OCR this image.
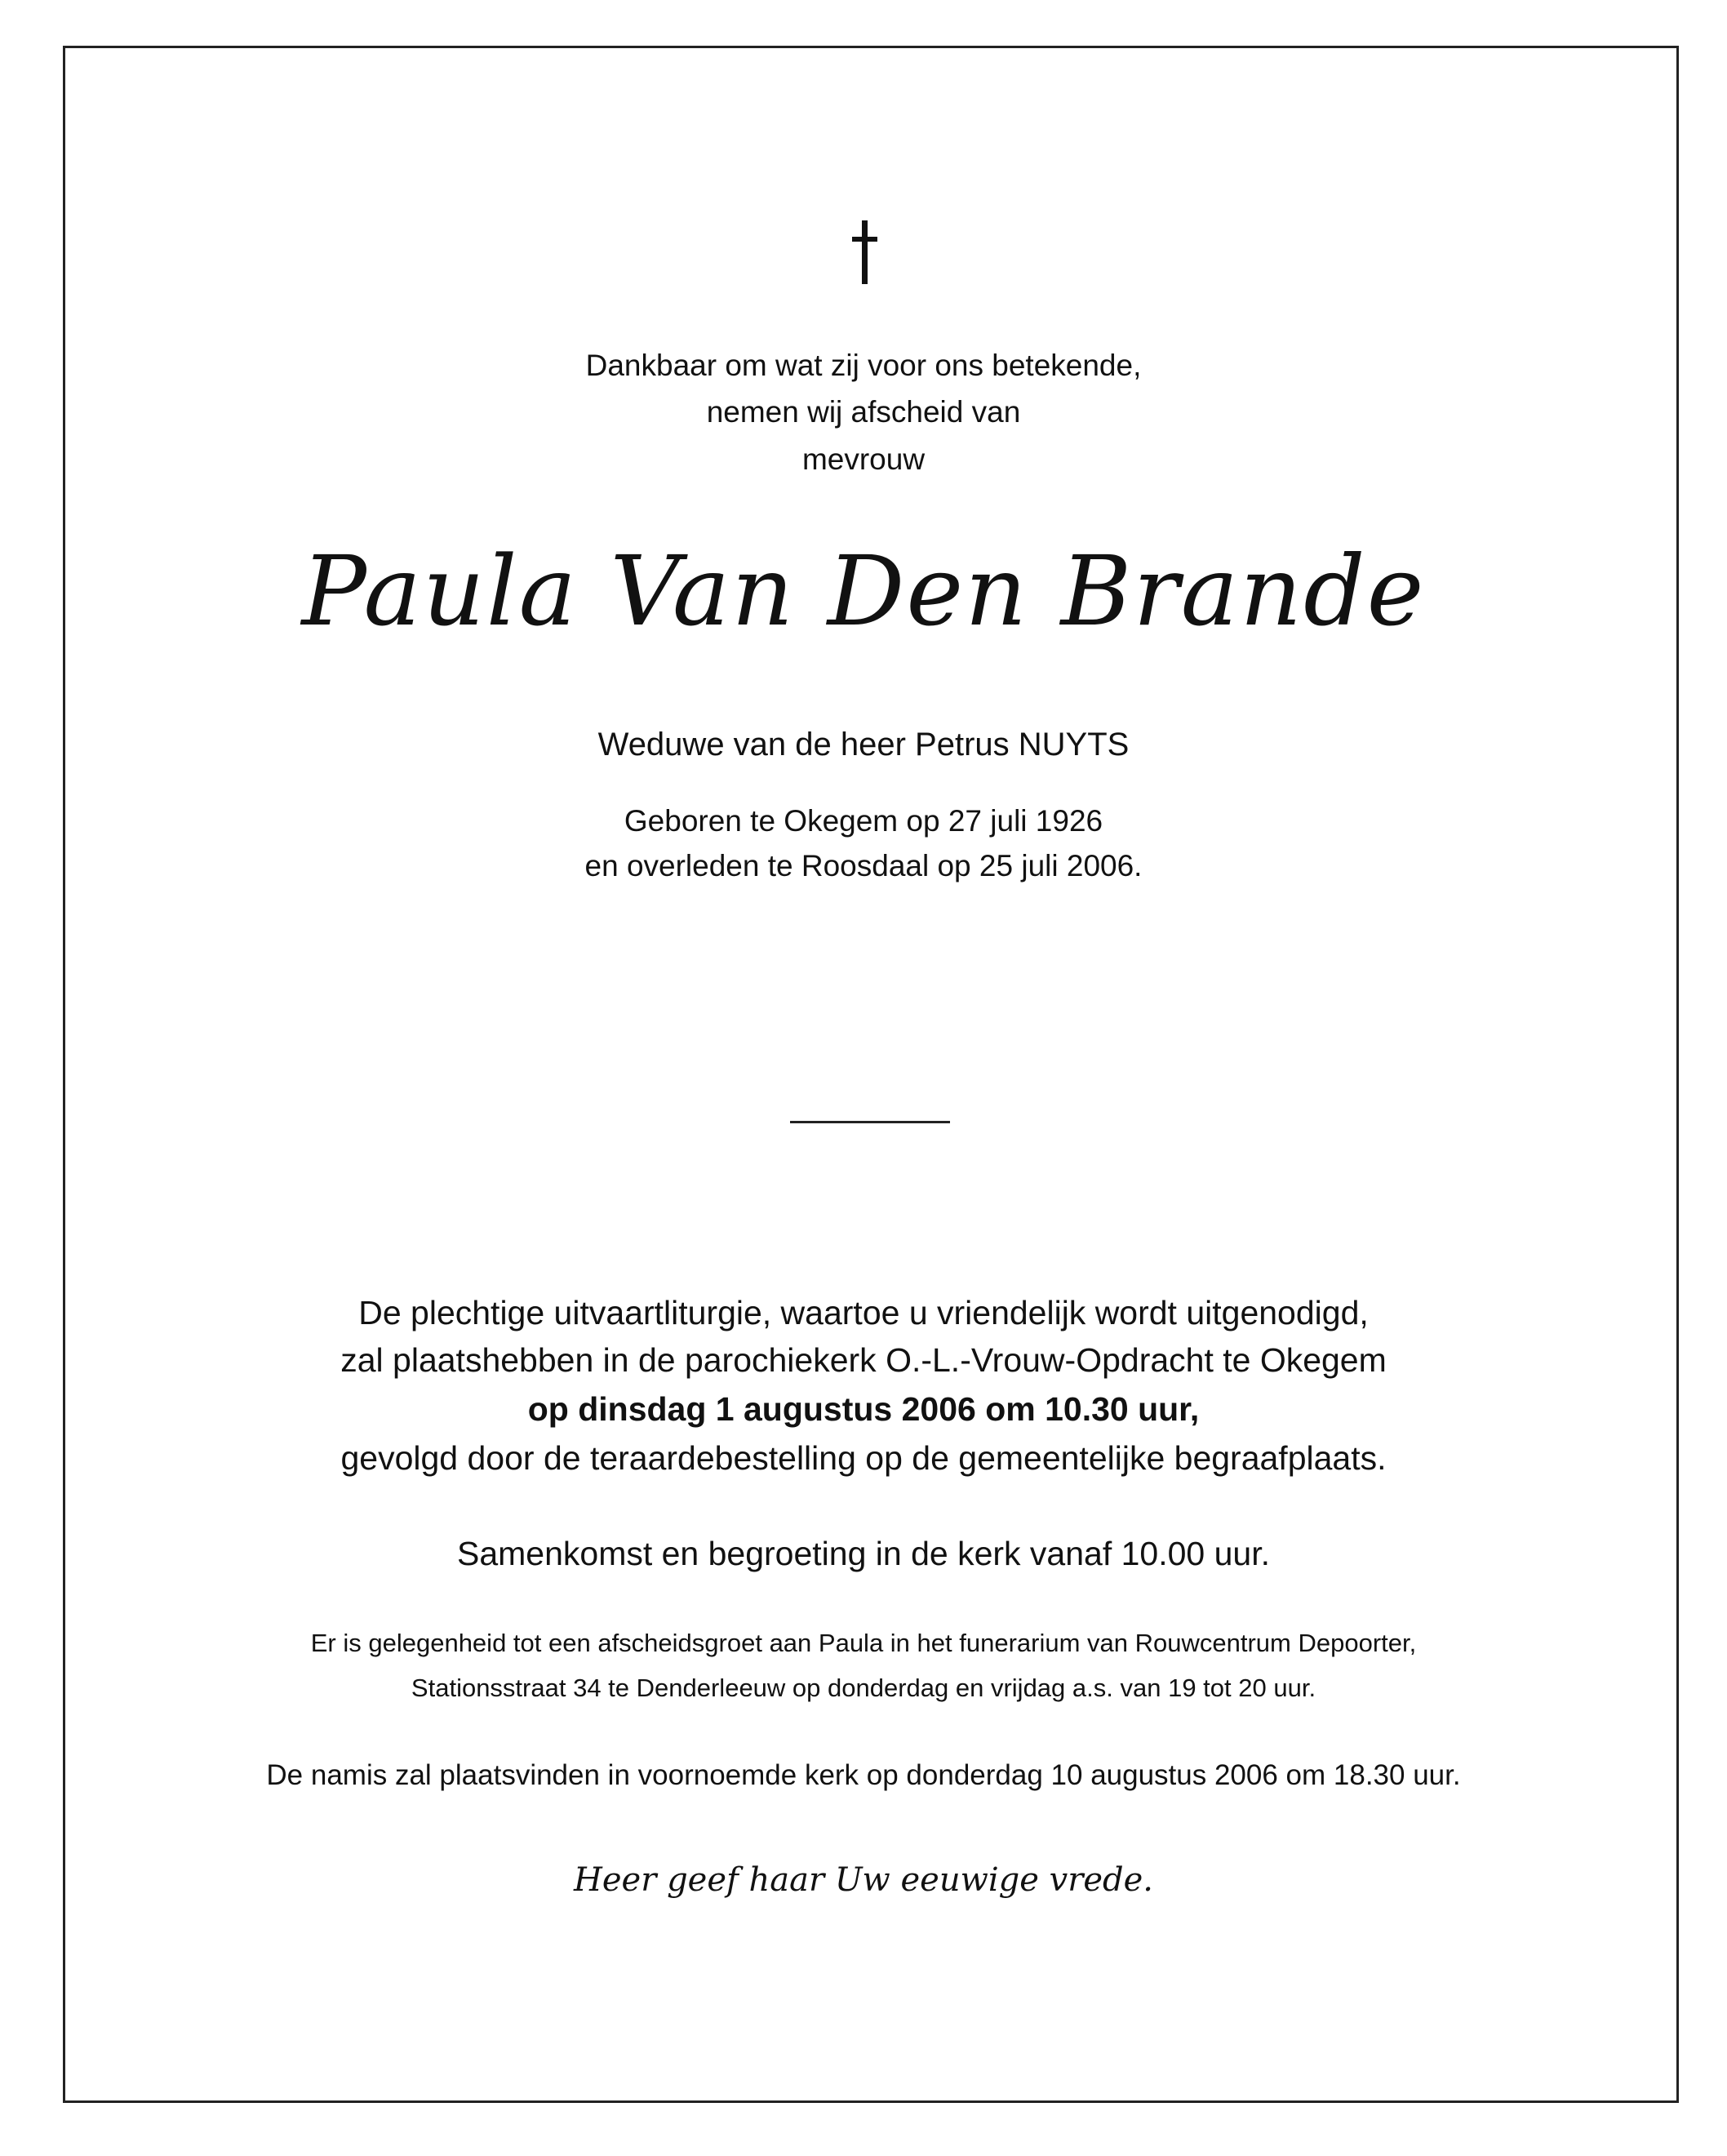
Dankbaar om wat zij voor ons betekende,
nemen wij afscheid van
mevrouw
Paula Van Den Brande
Weduwe van de heer Petrus NUYTS
Geboren te Okegem op 27 juli 1926
en overleden te Roosdaal op 25 juli 2006.
De plechtige uitvaartliturgie, waartoe u vriendelijk wordt uitgenodigd,
zal plaatshebben in de parochiekerk O.-L.-Vrouw-Opdracht te Okegem
op dinsdag 1 augustus 2006 om 10.30 uur,
gevolgd door de teraardebestelling op de gemeentelijke begraafplaats.
Samenkomst en begroeting in de kerk vanaf 10.00 uur.
Er is gelegenheid tot een afscheidsgroet aan Paula in het funerarium van Rouwcentrum Depoorter,
Stationsstraat 34 te Denderleeuw op donderdag en vrijdag a.s. van 19 tot 20 uur.
De namis zal plaatsvinden in voornoemde kerk op donderdag 10 augustus 2006 om 18.30 uur.
Heer geef haar Uw eeuwige vrede.
